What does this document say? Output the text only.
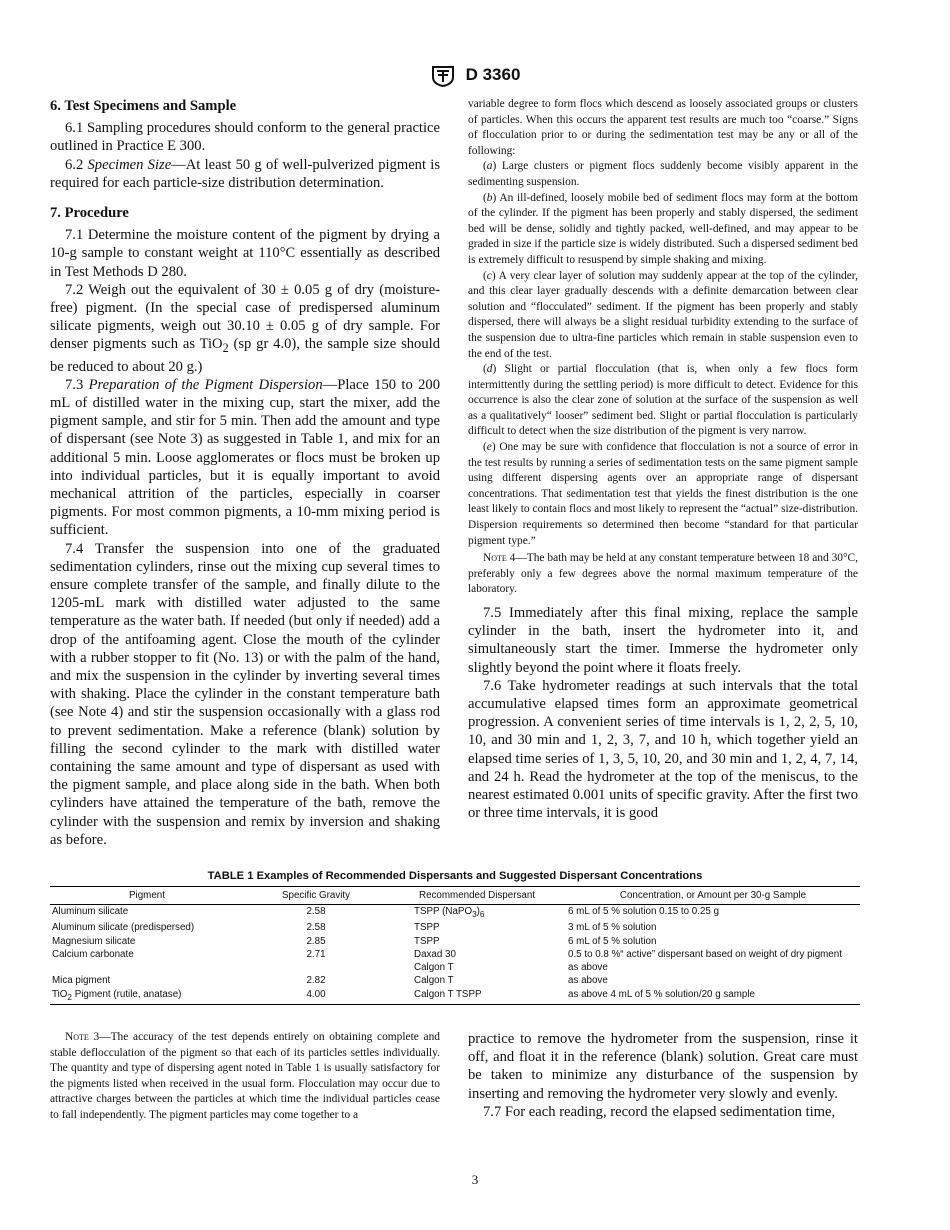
D 3360
6. Test Specimens and Sample

6.1 Sampling procedures should conform to the general practice outlined in Practice E 300.

6.2 Specimen Size—At least 50 g of well-pulverized pigment is required for each particle-size distribution determination.

7. Procedure

7.1 Determine the moisture content of the pigment by drying a 10-g sample to constant weight at 110°C essentially as described in Test Methods D 280.

7.2 Weigh out the equivalent of 30 ± 0.05 g of dry (moisture-free) pigment. (In the special case of predispersed aluminum silicate pigments, weigh out 30.10 ± 0.05 g of dry sample. For denser pigments such as TiO$_2$ (sp gr 4.0), the sample size should be reduced to about 20 g.)

7.3 Preparation of the Pigment Dispersion—Place 150 to 200 mL of distilled water in the mixing cup, start the mixer, add the pigment sample, and stir for 5 min. Then add the amount and type of dispersant (see Note 3) as suggested in Table 1, and mix for an additional 5 min. Loose agglomerates or flocs must be broken up into individual particles, but it is equally important to avoid mechanical attrition of the particles, especially in coarser pigments. For most common pigments, a 10-mm mixing period is sufficient.

7.4 Transfer the suspension into one of the graduated sedimentation cylinders, rinse out the mixing cup several times to ensure complete transfer of the sample, and finally dilute to the 1205-mL mark with distilled water adjusted to the same temperature as the water bath. If needed (but only if needed) add a drop of the antifoaming agent. Close the mouth of the cylinder with a rubber stopper to fit (No. 13) or with the palm of the hand, and mix the suspension in the cylinder by inverting several times with shaking. Place the cylinder in the constant temperature bath (see Note 4) and stir the suspension occasionally with a glass rod to prevent sedimentation. Make a reference (blank) solution by filling the second cylinder to the mark with distilled water containing the same amount and type of dispersant as used with the pigment sample, and place along side in the bath. When both cylinders have attained the temperature of the bath, remove the cylinder with the suspension and remix by inversion and shaking as before.

variable degree to form flocs which descend as loosely associated groups or clusters of particles. When this occurs the apparent test results are much too “coarse.” Signs of flocculation prior to or during the sedimentation test may be any or all of the following:

(a) Large clusters or pigment flocs suddenly become visibly apparent in the sedimenting suspension.

(b) An ill-defined, loosely mobile bed of sediment flocs may form at the bottom of the cylinder. If the pigment has been properly and stably dispersed, the sediment bed will be dense, solidly and tightly packed, well-defined, and may appear to be graded in size if the particle size is widely distributed. Such a dispersed sediment bed is extremely difficult to resuspend by simple shaking and mixing.

(c) A very clear layer of solution may suddenly appear at the top of the cylinder, and this clear layer gradually descends with a definite demarcation between clear solution and “flocculated” sediment. If the pigment has been properly and stably dispersed, there will always be a slight residual turbidity extending to the surface of the suspension due to ultra-fine particles which remain in stable suspension even to the end of the test.

(d) Slight or partial flocculation (that is, when only a few flocs form intermittently during the settling period) is more difficult to detect. Evidence for this occurrence is also the clear zone of solution at the surface of the suspension as well as a qualitatively“ looser” sediment bed. Slight or partial flocculation is particularly difficult to detect when the size distribution of the pigment is very narrow.

(e) One may be sure with confidence that flocculation is not a source of error in the test results by running a series of sedimentation tests on the same pigment sample using different dispersing agents over an appropriate range of dispersant concentrations. That sedimentation test that yields the finest distribution is the one least likely to contain flocs and most likely to represent the “actual” size-distribution. Dispersion requirements so determined then become “standard for that particular pigment type.”

Note 4—The bath may be held at any constant temperature between 18 and 30°C, preferably only a few degrees above the normal maximum temperature of the laboratory.

7.5 Immediately after this final mixing, replace the sample cylinder in the bath, insert the hydrometer into it, and simultaneously start the timer. Immerse the hydrometer only slightly beyond the point where it floats freely.

7.6 Take hydrometer readings at such intervals that the total accumulative elapsed times form an approximate geometrical progression. A convenient series of time intervals is 1, 2, 2, 5, 10, 10, and 30 min and 1, 2, 3, 7, and 10 h, which together yield an elapsed time series of 1, 3, 5, 10, 20, and 30 min and 1, 2, 4, 7, 14, and 24 h. Read the hydrometer at the top of the meniscus, to the nearest estimated 0.001 units of specific gravity. After the first two or three time intervals, it is good

TABLE 1 Examples of Recommended Dispersants and Suggested Dispersant Concentrations
Pigment	Specific Gravity	Recommended Dispersant	Concentration, or Amount per 30-g Sample
Aluminum silicate	2.58	TSPP $(NaPO_3)_6$	6 mL of 5 % solution 0.15 to 0.25 g
Aluminum silicate (predispersed)	2.58	TSPP	3 mL of 5 % solution
Magnesium silicate	2.85	TSPP	6 mL of 5 % solution
Calcium carbonate	2.71	Daxad 30	0.5 to 0.8 %“ active” dispersant based on weight of dry pigment
		Calgon T	as above
Mica pigment	2.82	Calgon T	as above
TiO$_2$ Pigment (rutile, anatase)	4.00	Calgon T TSPP	as above 4 mL of 5 % solution/20 g sample

Note 3—The accuracy of the test depends entirely on obtaining complete and stable deflocculation of the pigment so that each of its particles settles individually. The quantity and type of dispersing agent noted in Table 1 is usually satisfactory for the pigments listed when received in the usual form. Flocculation may occur due to attractive charges between the particles at which time the individual particles cease to fall independently. The pigment particles may come together to a

practice to remove the hydrometer from the suspension, rinse it off, and float it in the reference (blank) solution. Great care must be taken to minimize any disturbance of the suspension by inserting and removing the hydrometer very slowly and evenly.

7.7 For each reading, record the elapsed sedimentation time,

3
